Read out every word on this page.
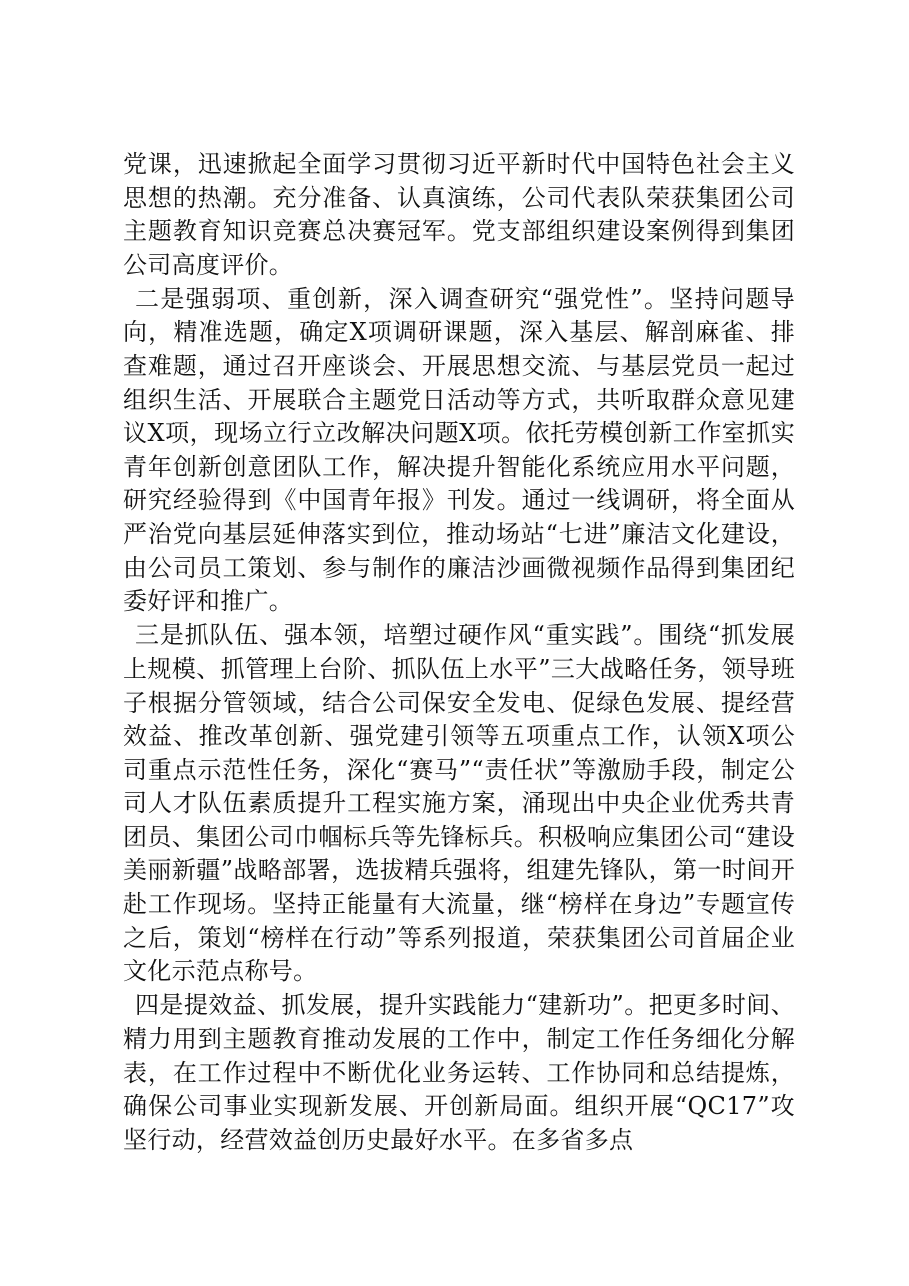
党课，迅速掀起全面学习贯彻习近平新时代中国特色社会主义思想的热潮。充分准备、认真演练，公司代表队荣获集团公司主题教育知识竞赛总决赛冠军。党支部组织建设案例得到集团公司高度评价。

二是强弱项、重创新，深入调查研究“强党性”。坚持问题导向，精准选题，确定X项调研课题，深入基层、解剖麻雀、排查难题，通过召开座谈会、开展思想交流、与基层党员一起过组织生活、开展联合主题党日活动等方式，共听取群众意见建议X项，现场立行立改解决问题X项。依托劳模创新工作室抓实青年创新创意团队工作，解决提升智能化系统应用水平问题，研究经验得到《中国青年报》刊发。通过一线调研，将全面从严治党向基层延伸落实到位，推动场站“七进”廉洁文化建设，由公司员工策划、参与制作的廉洁沙画微视频作品得到集团纪委好评和推广。

三是抓队伍、强本领，培塑过硬作风“重实践”。围绕“抓发展上规模、抓管理上台阶、抓队伍上水平”三大战略任务，领导班子根据分管领域，结合公司保安全发电、促绿色发展、提经营效益、推改革创新、强党建引领等五项重点工作，认领X项公司重点示范性任务，深化“赛马”“责任状”等激励手段，制定公司人才队伍素质提升工程实施方案，涌现出中央企业优秀共青团员、集团公司巾帼标兵等先锋标兵。积极响应集团公司“建设美丽新疆”战略部署，选拔精兵强将，组建先锋队，第一时间开赴工作现场。坚持正能量有大流量，继“榜样在身边”专题宣传之后，策划“榜样在行动”等系列报道，荣获集团公司首届企业文化示范点称号。

四是提效益、抓发展，提升实践能力“建新功”。把更多时间、精力用到主题教育推动发展的工作中，制定工作任务细化分解表，在工作过程中不断优化业务运转、工作协同和总结提炼，确保公司事业实现新发展、开创新局面。组织开展“QC17”攻坚行动，经营效益创历史最好水平。在多省多点
